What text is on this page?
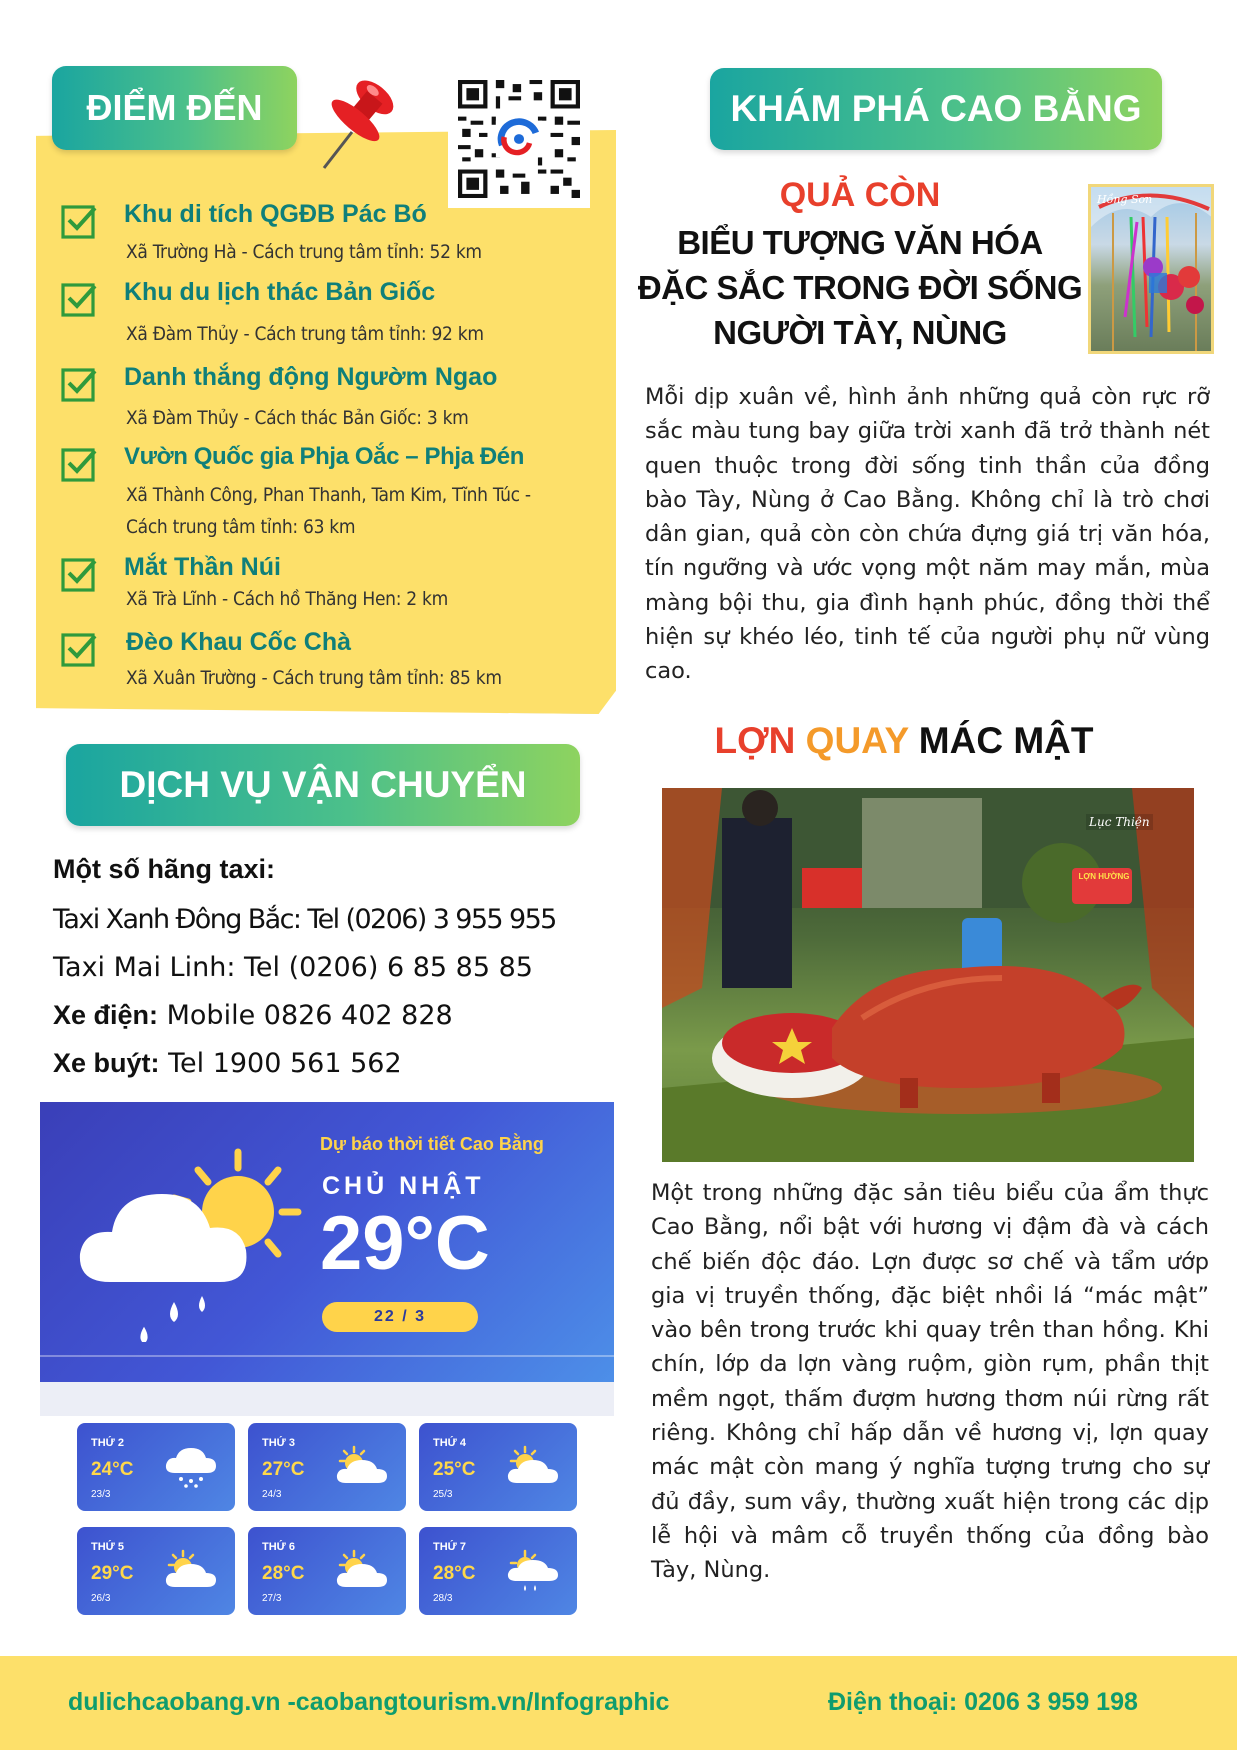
ĐIỂM ĐẾN
Khu di tích QGĐB Pác Bó
Xã Trường Hà - Cách trung tâm tỉnh: 52 km
Khu du lịch thác Bản Giốc
Xã Đàm Thủy - Cách trung tâm tỉnh: 92 km
Danh thắng động Ngườm Ngao
Xã Đàm Thủy - Cách thác Bản Giốc: 3 km
Vườn Quốc gia Phja Oắc – Phja Đén
Xã Thành Công, Phan Thanh, Tam Kim, Tĩnh Túc - Cách trung tâm tỉnh: 63 km
Mắt Thần Núi
Xã Trà Lĩnh - Cách hồ Thăng Hen: 2 km
Đèo Khau Cốc Chà
Xã Xuân Trường - Cách trung tâm tỉnh: 85 km
DỊCH VỤ VẬN CHUYỂN
Một số hãng taxi:
Taxi Xanh Đông Bắc: Tel (0206) 3 955 955
Taxi Mai Linh: Tel (0206) 6 85 85 85
Xe điện: Mobile 0826 402 828
Xe buýt: Tel 1900 561 562
Dự báo thời tiết Cao Bằng
CHỦ NHẬT
29°C
22 / 3
THỨ 2
24°C
23/3
THỨ 3
27°C
24/3
THỨ 4
25°C
25/3
THỨ 5
29°C
26/3
THỨ 6
28°C
27/3
THỨ 7
28°C
28/3
KHÁM PHÁ CAO BẰNG
QUẢ CÒN
BIỂU TƯỢNG VĂN HÓA
ĐẶC SẮC TRONG ĐỜI SỐNG
NGƯỜI TÀY, NÙNG
Hồng Sơn
Mỗi dịp xuân về, hình ảnh những quả còn rực rỡ sắc màu tung bay giữa trời xanh đã trở thành nét quen thuộc trong đời sống tinh thần của đồng bào Tày, Nùng ở Cao Bằng. Không chỉ là trò chơi dân gian, quả còn còn chứa đựng giá trị văn hóa, tín ngưỡng và ước vọng một năm may mắn, mùa màng bội thu, gia đình hạnh phúc, đồng thời thể hiện sự khéo léo, tinh tế của người phụ nữ vùng cao.
LỢN QUAY MÁC MẬT
Lục Thiện
LỢN HƯỜNG
Một trong những đặc sản tiêu biểu của ẩm thực Cao Bằng, nổi bật với hương vị đậm đà và cách chế biến độc đáo. Lợn được sơ chế và tẩm ướp gia vị truyền thống, đặc biệt nhồi lá “mác mật” vào bên trong trước khi quay trên than hồng. Khi chín, lớp da lợn vàng ruộm, giòn rụm, phần thịt mềm ngọt, thấm đượm hương thơm núi rừng rất riêng. Không chỉ hấp dẫn về hương vị, lợn quay mác mật còn mang ý nghĩa tượng trưng cho sự đủ đầy, sum vầy, thường xuất hiện trong các dịp lễ hội và mâm cỗ truyền thống của đồng bào Tày, Nùng.
dulichcaobang.vn -caobangtourism.vn/Infographic	Điện thoại: 0206 3 959 198
